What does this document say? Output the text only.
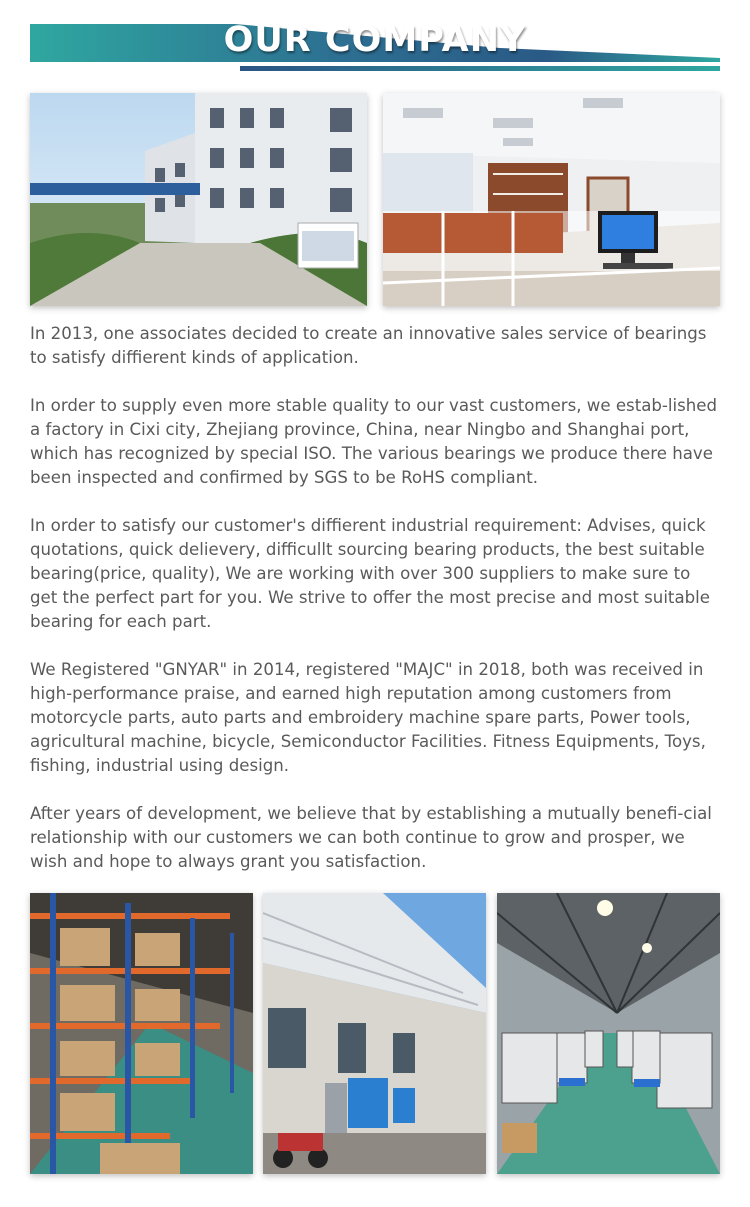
OUR COMPANY

In 2013, one associates decided to create an innovative sales service of bearings to satisfy diffierent kinds of application.

In order to supply even more stable quality to our vast customers, we estab-lished a factory in Cixi city, Zhejiang province, China, near Ningbo and Shanghai port, which has recognized by special ISO. The various bearings we produce there have been inspected and confirmed by SGS to be RoHS compliant.

In order to satisfy our customer's diffierent industrial requirement: Advises, quick quotations, quick delievery, difficullt sourcing bearing products, the best suitable bearing(price, quality), We are working with over 300 suppliers to make sure to get the perfect part for you. We strive to offer the most precise and most suitable bearing for each part.

We Registered "GNYAR" in 2014, registered "MAJC" in 2018, both was received in high-performance praise, and earned high reputation among customers from motorcycle parts, auto parts and embroidery machine spare parts, Power tools, agricultural machine, bicycle, Semiconductor Facilities. Fitness Equipments, Toys, fishing, industrial using design.

After years of development, we believe that by establishing a mutually benefi-cial relationship with our customers we can both continue to grow and prosper, we wish and hope to always grant you satisfaction.
